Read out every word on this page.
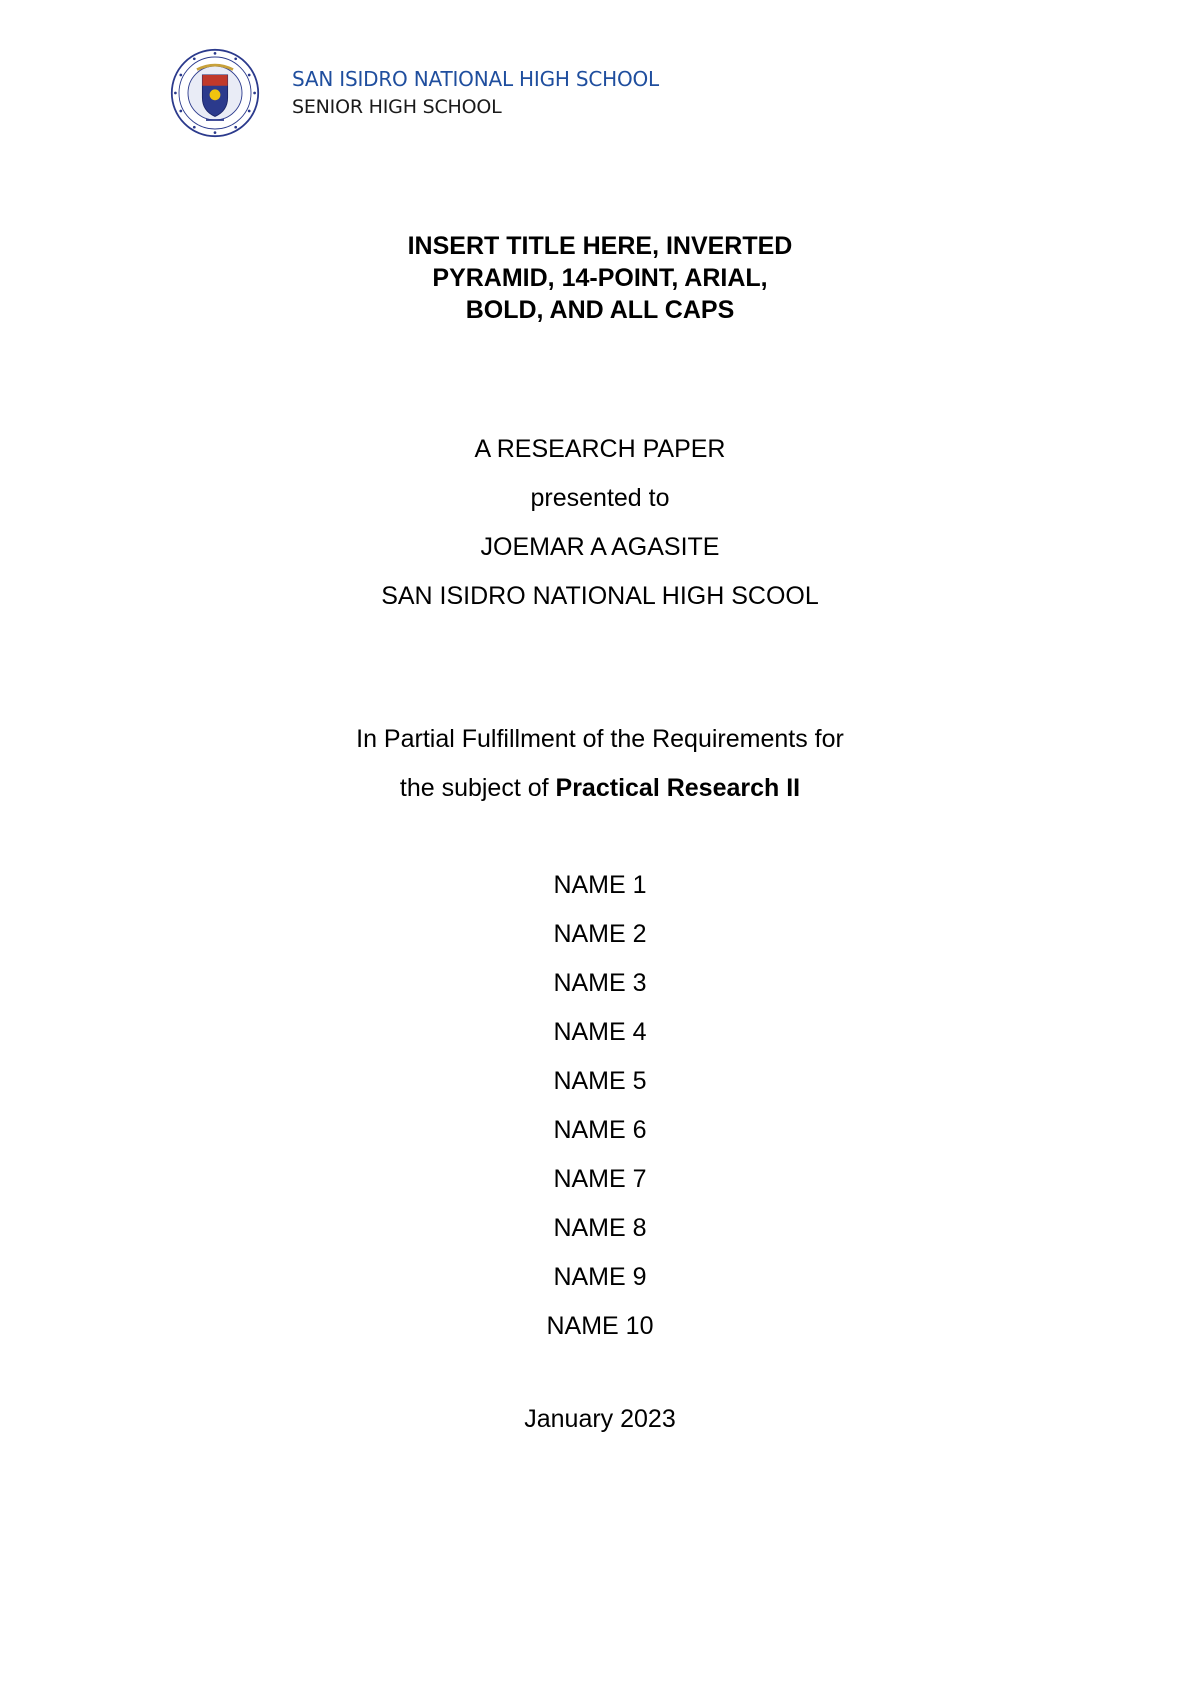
SAN ISIDRO NATIONAL HIGH SCHOOL
SENIOR HIGH SCHOOL
INSERT TITLE HERE, INVERTED
PYRAMID, 14-POINT, ARIAL,
BOLD, AND ALL CAPS
A RESEARCH PAPER
presented to
JOEMAR A AGASITE
SAN ISIDRO NATIONAL HIGH SCOOL
In Partial Fulfillment of the Requirements for
the subject of Practical Research II
NAME 1
NAME 2
NAME 3
NAME 4
NAME 5
NAME 6
NAME 7
NAME 8
NAME 9
NAME 10
January 2023
